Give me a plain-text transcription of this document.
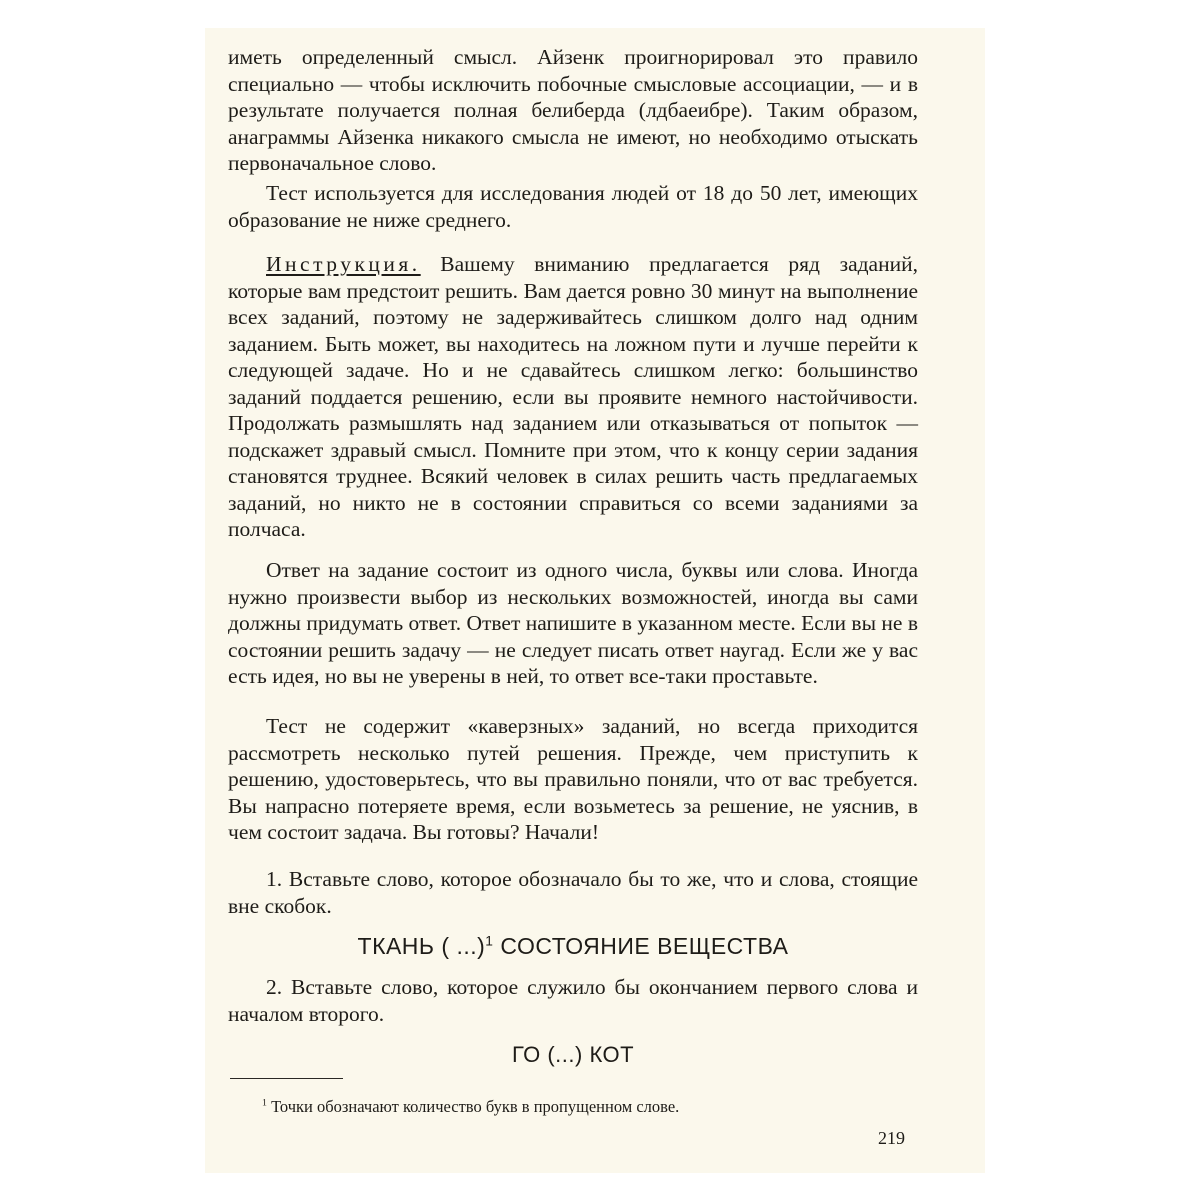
иметь определенный смысл. Айзенк проигнорировал это правило специально — чтобы исключить побочные смысловые ассоциации, — и в результате получается полная белиберда (лдбаеибре). Таким образом, анаграммы Айзенка никакого смысла не имеют, но необходимо отыскать первоначальное слово.

Тест используется для исследования людей от 18 до 50 лет, имеющих образование не ниже среднего.

Инструкция. Вашему вниманию предлагается ряд заданий, которые вам предстоит решить. Вам дается ровно 30 минут на выполнение всех заданий, поэтому не задерживайтесь слишком долго над одним заданием. Быть может, вы находитесь на ложном пути и лучше перейти к следующей задаче. Но и не сдавайтесь слишком легко: большинство заданий поддается решению, если вы проявите немного настойчивости. Продолжать размышлять над заданием или отказываться от попыток — подскажет здравый смысл. Помните при этом, что к концу серии задания становятся труднее. Всякий человек в силах решить часть предлагаемых заданий, но никто не в состоянии справиться со всеми заданиями за полчаса.

Ответ на задание состоит из одного числа, буквы или слова. Иногда нужно произвести выбор из нескольких возможностей, иногда вы сами должны придумать ответ. Ответ напишите в указанном месте. Если вы не в состоянии решить задачу — не следует писать ответ наугад. Если же у вас есть идея, но вы не уверены в ней, то ответ все-таки проставьте.

Тест не содержит «каверзных» заданий, но всегда приходится рассмотреть несколько путей решения. Прежде, чем приступить к решению, удостоверьтесь, что вы правильно поняли, что от вас требуется. Вы напрасно потеряете время, если возьметесь за решение, не уяснив, в чем состоит задача. Вы готовы? Начали!

1. Вставьте слово, которое обозначало бы то же, что и слова, стоящие вне скобок.

ТКАНЬ ( ...)$^1$ СОСТОЯНИЕ ВЕЩЕСТВА

2. Вставьте слово, которое служило бы окончанием первого слова и началом второго.

ГО (...) КОТ
$^1$ Точки обозначают количество букв в пропущенном слове.
219
